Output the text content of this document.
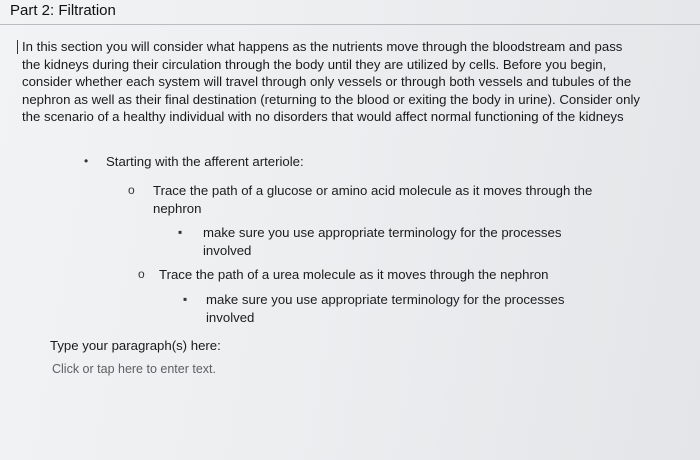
Part 2: Filtration

In this section you will consider what happens as the nutrients move through the bloodstream and pass the kidneys during their circulation through the body until they are utilized by cells. Before you begin, consider whether each system will travel through only vessels or through both vessels and tubules of the nephron as well as their final destination (returning to the blood or exiting the body in urine). Consider only the scenario of a healthy individual with no disorders that would affect normal functioning of the kidneys

• Starting with the afferent arteriole:
o Trace the path of a glucose or amino acid molecule as it moves through the nephron
▪ make sure you use appropriate terminology for the processes involved
o Trace the path of a urea molecule as it moves through the nephron
▪ make sure you use appropriate terminology for the processes involved
Type your paragraph(s) here:
Click or tap here to enter text.
